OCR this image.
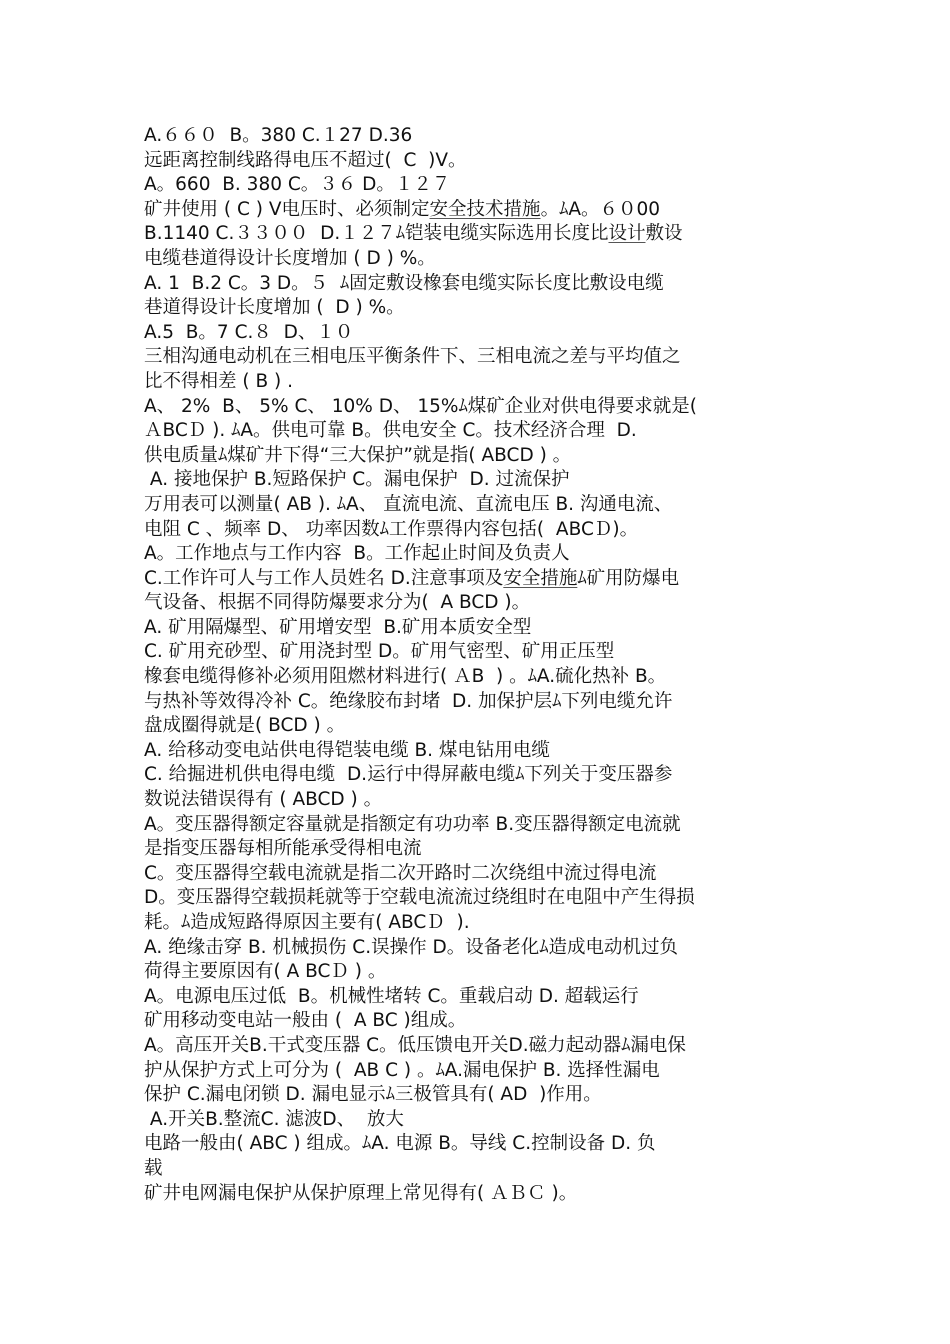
A.６６０  B。380 C.１27 D.36
远距离控制线路得电压不超过(  C  )V。
A。660  B. 380 C。３６ D。１２７
矿井使用 ( C ) V电压时、必须制定安全技术措施。ﾑA。６０00
B.1140 C.３３００  D.１２７ﾑ铠装电缆实际选用长度比设计敷设
电缆巷道得设计长度增加 ( D ) %。
A. 1  B.2 C。3 D。５  ﾑ固定敷设橡套电缆实际长度比敷设电缆
巷道得设计长度增加 (  D ) %。
A.5  B。7 C.８  D、１０
三相沟通电动机在三相电压平衡条件下、三相电流之差与平均值之
比不得相差 ( B ) .
A、 2%  B、 5% C、 10% D、 15%ﾑ煤矿企业对供电得要求就是(
ＡBCＤ ). ﾑA。供电可靠 B。供电安全 C。技术经济合理  D.
供电质量ﾑ煤矿井下得“三大保护”就是指( ABCD ) 。
A. 接地保护 B.短路保护 C。漏电保护  D. 过流保护
万用表可以测量( AB ). ﾑA、 直流电流、直流电压 B. 沟通电流、
电阻 C 、频率 D、 功率因数ﾑ工作票得内容包括(  ABCＤ)。
A。工作地点与工作内容  B。工作起止时间及负责人
C.工作许可人与工作人员姓名 D.注意事项及安全措施ﾑ矿用防爆电
气设备、根据不同得防爆要求分为(  A BCD )。
A. 矿用隔爆型、矿用增安型  B.矿用本质安全型
C. 矿用充砂型、矿用浇封型 D。矿用气密型、矿用正压型
橡套电缆得修补必须用阻燃材料进行( ＡB  ) 。ﾑA.硫化热补 B。
与热补等效得冷补 C。绝缘胶布封堵  D. 加保护层ﾑ下列电缆允许
盘成圈得就是( BCD ) 。
A. 给移动变电站供电得铠装电缆 B. 煤电钻用电缆
C. 给掘进机供电得电缆  D.运行中得屏蔽电缆ﾑ下列关于变压器参
数说法错误得有 ( ABCD ) 。
A。变压器得额定容量就是指额定有功功率 B.变压器得额定电流就
是指变压器每相所能承受得相电流
C。变压器得空载电流就是指二次开路时二次绕组中流过得电流
D。变压器得空载损耗就等于空载电流流过绕组时在电阻中产生得损
耗。ﾑ造成短路得原因主要有( ABCＤ  ).
A. 绝缘击穿 B. 机械损伤 C.误操作 D。设备老化ﾑ造成电动机过负
荷得主要原因有( A BCＤ ) 。
A。电源电压过低  B。机械性堵转 C。重载启动 D. 超载运行
矿用移动变电站一般由 (  A BC )组成。
A。高压开关B.干式变压器 C。低压馈电开关D.磁力起动器ﾑ漏电保
护从保护方式上可分为 (  AB C ) 。ﾑA.漏电保护 B. 选择性漏电
保护 C.漏电闭锁 D. 漏电显示ﾑ三极管具有( AD  )作用。
A.开关B.整流C. 滤波D、  放大
电路一般由( ABC ) 组成。ﾑA. 电源 B。导线 C.控制设备 D. 负
载
矿井电网漏电保护从保护原理上常见得有( ＡＢＣ )。
